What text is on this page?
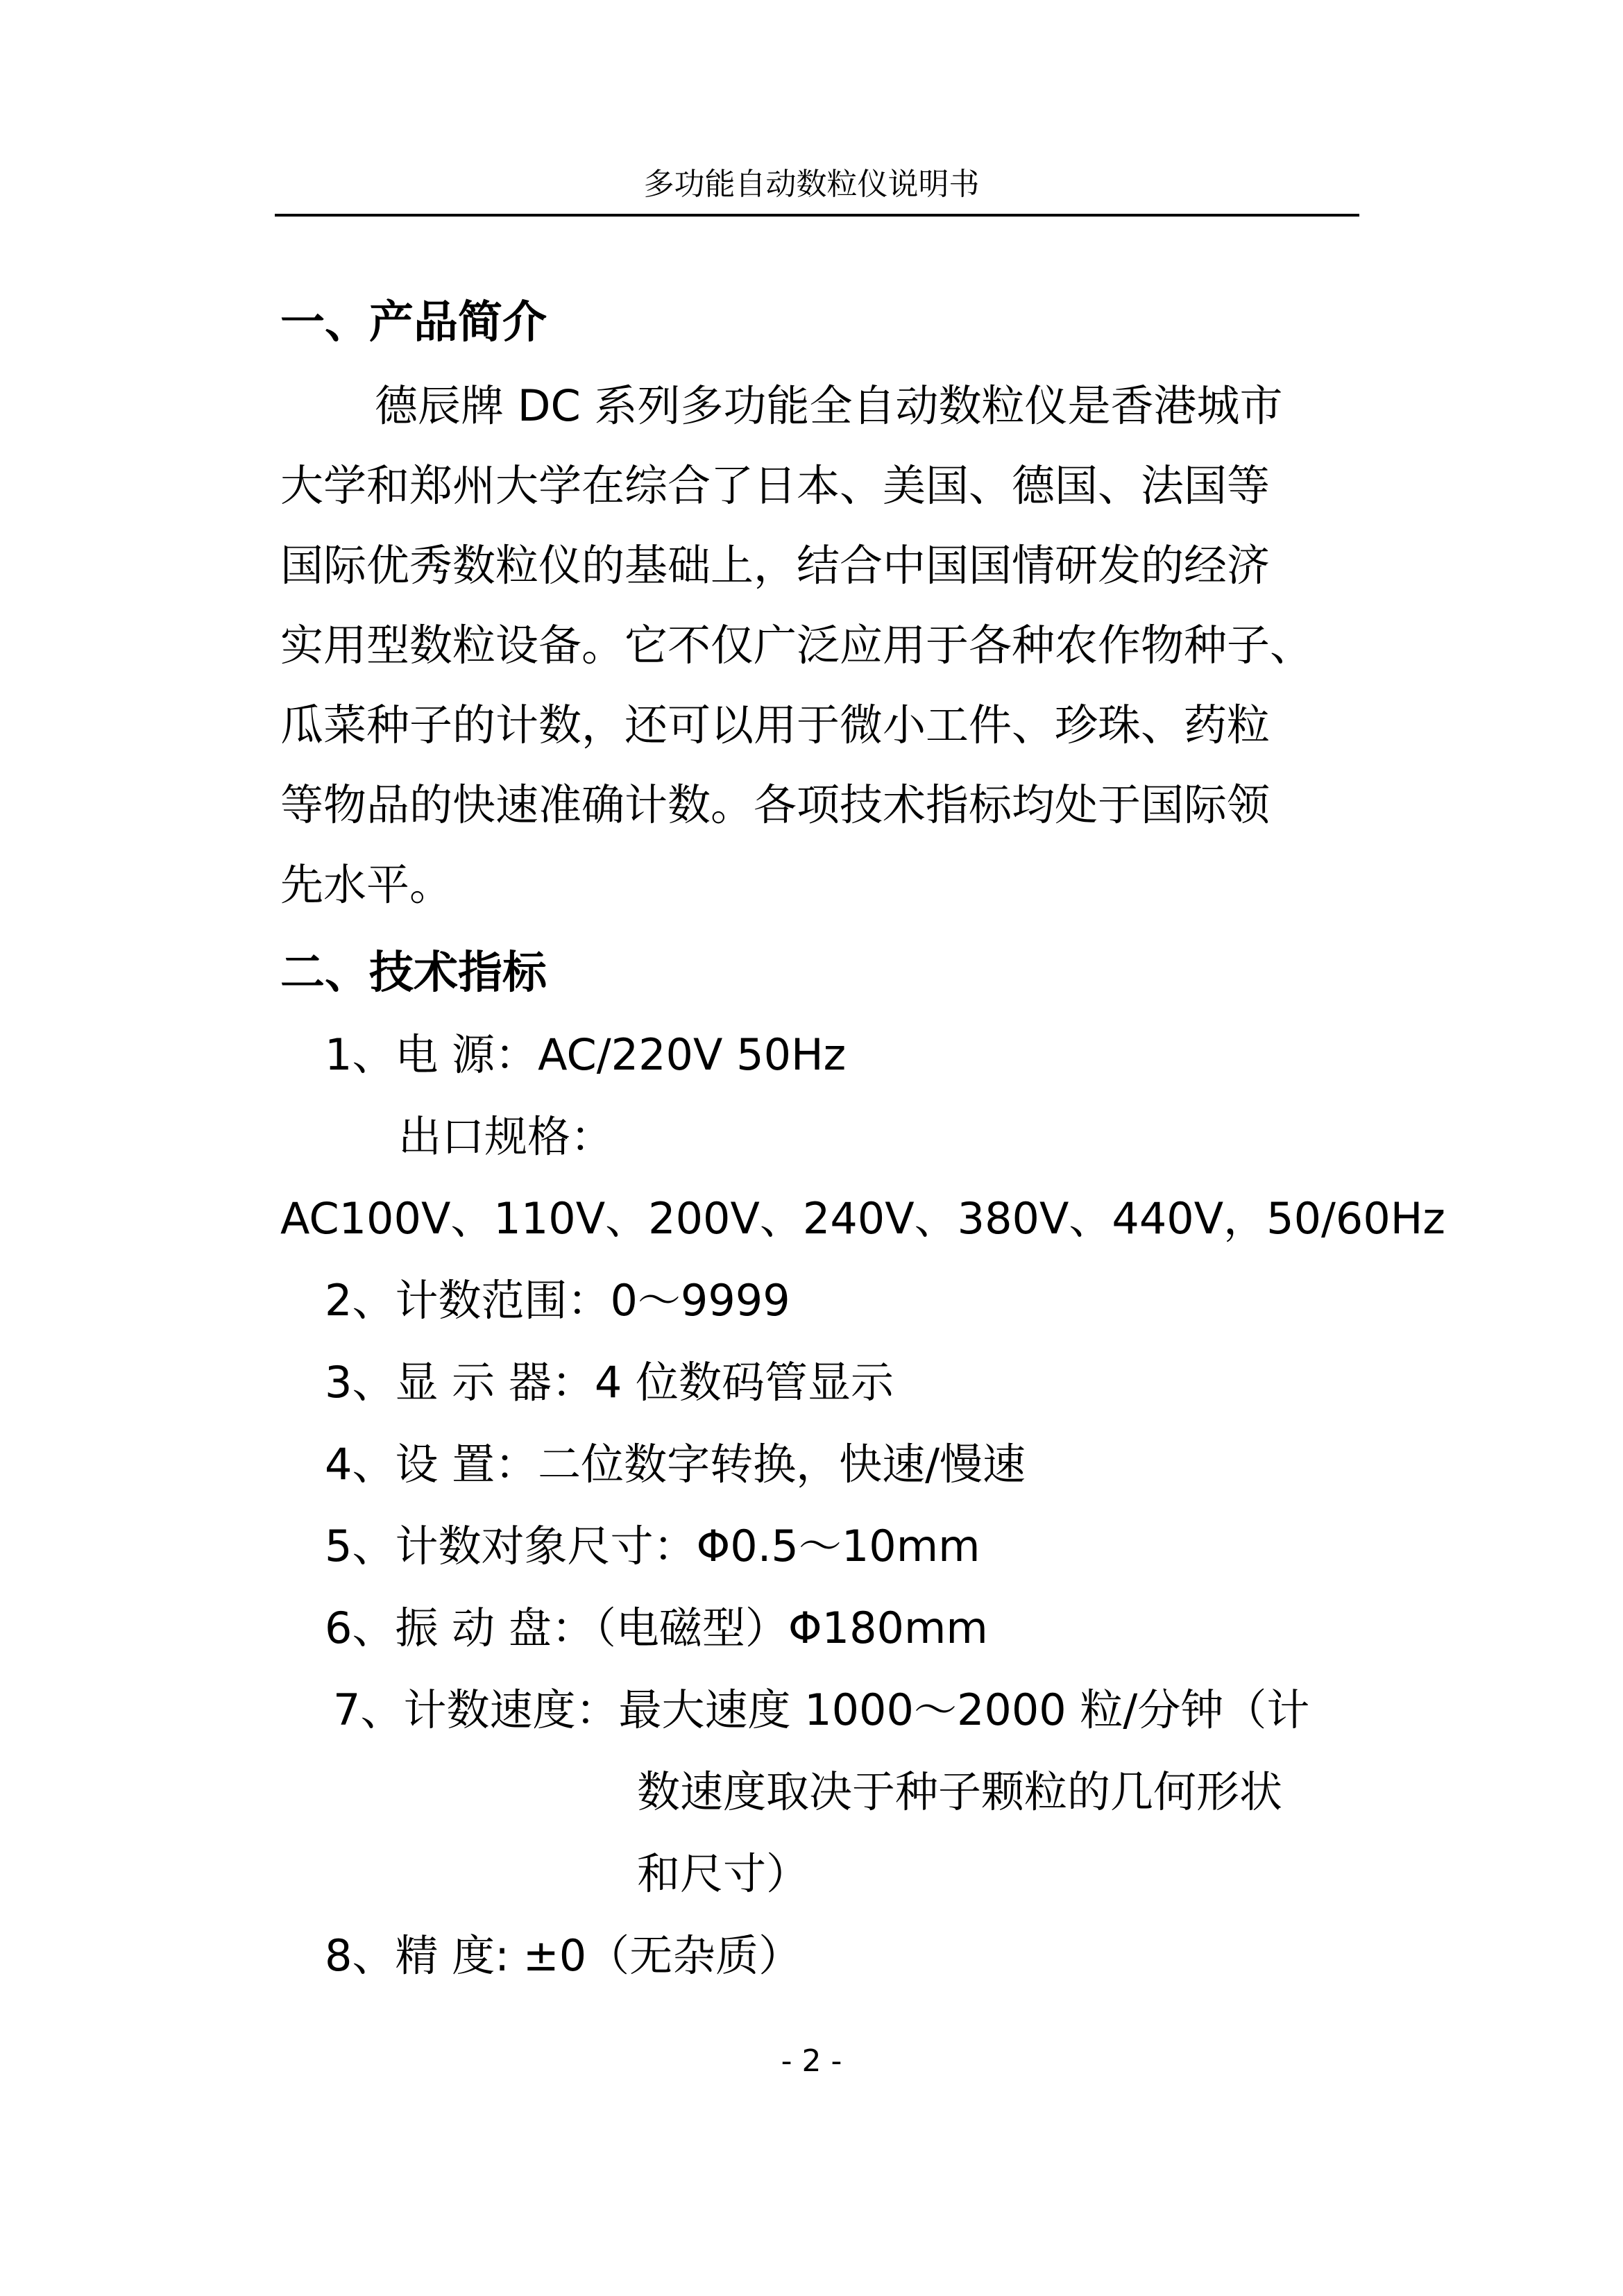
多功能自动数粒仪说明书
一、产品简介
德辰牌 DC 系列多功能全自动数粒仪是香港城市
大学和郑州大学在综合了日本、美国、德国、法国等
国际优秀数粒仪的基础上，结合中国国情研发的经济
实用型数粒设备。它不仅广泛应用于各种农作物种子、
瓜菜种子的计数，还可以用于微小工件、珍珠、药粒
等物品的快速准确计数。各项技术指标均处于国际领
先水平。
二、技术指标
1、电 源：AC/220V 50Hz
出口规格：
AC100V、110V、200V、240V、380V、440V，50/60Hz
2、计数范围：0～9999
3、显 示 器：4 位数码管显示
4、设 置：二位数字转换，快速/慢速
5、计数对象尺寸：Φ0.5～10mm
6、振 动 盘：（电磁型）Φ180mm
7、计数速度：最大速度 1000～2000 粒/分钟（计
数速度取决于种子颗粒的几何形状
和尺寸）
8、精 度: ±0（无杂质）
- 2 -
